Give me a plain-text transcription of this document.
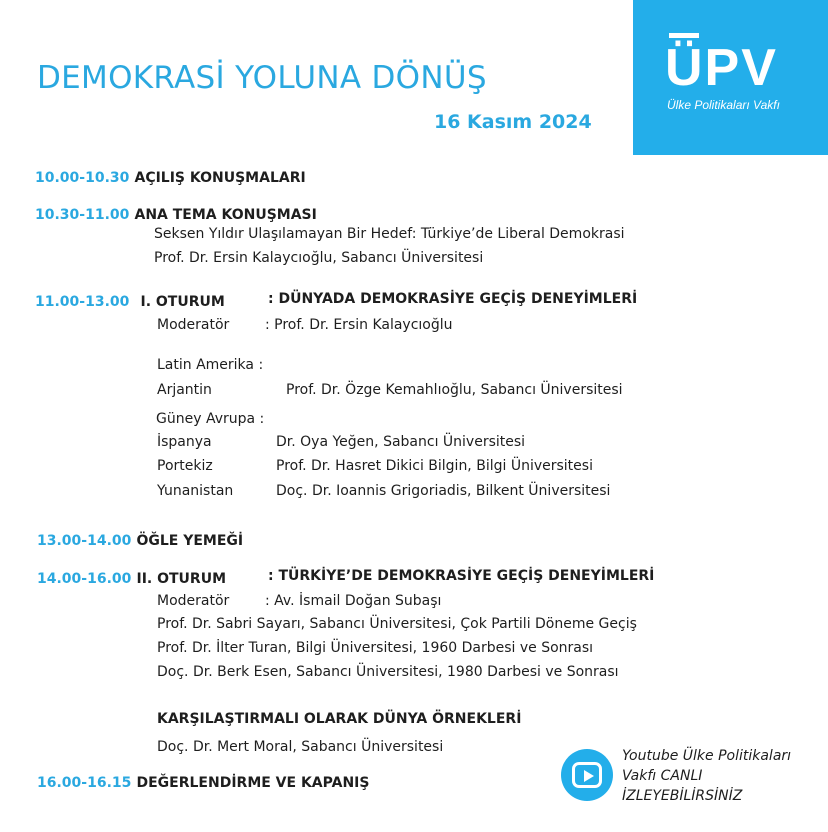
DEMOKRASİ YOLUNA DÖNÜŞ
16 Kasım 2024
ÜPV
Ülke Politikaları Vakfı
10.00-10.30 AÇILIŞ KONUŞMALARI
10.30-11.00 ANA TEMA KONUŞMASI
Seksen Yıldır Ulaşılamayan Bir Hedef: Türkiye’de Liberal Demokrasi
Prof. Dr. Ersin Kalaycıoğlu, Sabancı Üniversitesi
11.00-13.00 I. OTURUM	: DÜNYADA DEMOKRASİYE GEÇİŞ DENEYİMLERİ
Moderatör	: Prof. Dr. Ersin Kalaycıoğlu
Latin Amerika :
Arjantin	Prof. Dr. Özge Kemahlıoğlu, Sabancı Üniversitesi
Güney Avrupa :
İspanya	Dr. Oya Yeğen, Sabancı Üniversitesi
Portekiz	Prof. Dr. Hasret Dikici Bilgin, Bilgi Üniversitesi
Yunanistan	Doç. Dr. Ioannis Grigoriadis, Bilkent Üniversitesi
13.00-14.00 ÖĞLE YEMEĞİ
14.00-16.00 II. OTURUM	: TÜRKİYE’DE DEMOKRASİYE GEÇİŞ DENEYİMLERİ
Moderatör	: Av. İsmail Doğan Subaşı
Prof. Dr. Sabri Sayarı, Sabancı Üniversitesi, Çok Partili Döneme Geçiş
Prof. Dr. İlter Turan, Bilgi Üniversitesi, 1960 Darbesi ve Sonrası
Doç. Dr. Berk Esen, Sabancı Üniversitesi, 1980 Darbesi ve Sonrası
KARŞILAŞTIRMALI OLARAK DÜNYA ÖRNEKLERİ
Doç. Dr. Mert Moral, Sabancı Üniversitesi
16.00-16.15 DEĞERLENDİRME VE KAPANIŞ
Youtube Ülke Politikaları Vakfı CANLI İZLEYEBİLİRSİNİZ
